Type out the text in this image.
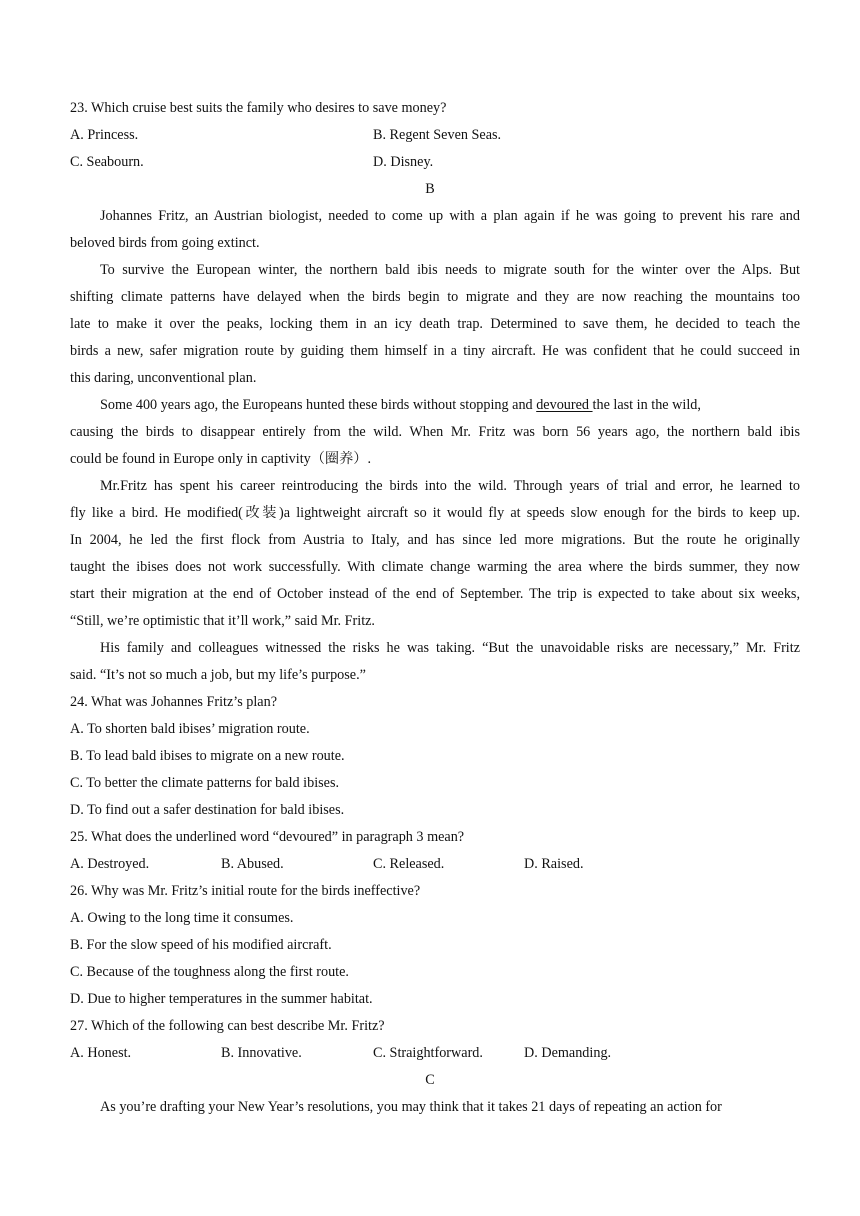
23. Which cruise best suits the family who desires to save money?
A. Princess.	B. Regent Seven Seas.
C. Seabourn.	D. Disney.
B
Johannes Fritz, an Austrian biologist, needed to come up with a plan again if he was going to prevent his rare and
beloved birds from going extinct.
To survive the European winter, the northern bald ibis needs to migrate south for the winter over the Alps. But
shifting climate patterns have delayed when the birds begin to migrate and they are now reaching the mountains too
late to make it over the peaks, locking them in an icy death trap. Determined to save them, he decided to teach the
birds a new, safer migration route by guiding them himself in a tiny aircraft. He was confident that he could succeed in
this daring, unconventional plan.
Some 400 years ago, the Europeans hunted these birds without stopping and devoured the last in the wild,
causing the birds to disappear entirely from the wild. When Mr. Fritz was born 56 years ago, the northern bald ibis
could be found in Europe only in captivity（圈养）.
Mr.Fritz has spent his career reintroducing the birds into the wild. Through years of trial and error, he learned to
fly like a bird. He modified(改装)a lightweight aircraft so it would fly at speeds slow enough for the birds to keep up.
In 2004, he led the first flock from Austria to Italy, and has since led more migrations. But the route he originally
taught the ibises does not work successfully. With climate change warming the area where the birds summer, they now
start their migration at the end of October instead of the end of September. The trip is expected to take about six weeks,
“Still, we’re optimistic that it’ll work,” said Mr. Fritz.
His family and colleagues witnessed the risks he was taking. “But the unavoidable risks are necessary,” Mr. Fritz
said. “It’s not so much a job, but my life’s purpose.”
24. What was Johannes Fritz’s plan?
A. To shorten bald ibises’ migration route.
B. To lead bald ibises to migrate on a new route.
C. To better the climate patterns for bald ibises.
D. To find out a safer destination for bald ibises.
25. What does the underlined word “devoured” in paragraph 3 mean?
A. Destroyed.	B. Abused.	C. Released.	D. Raised.
26. Why was Mr. Fritz’s initial route for the birds ineffective?
A. Owing to the long time it consumes.
B. For the slow speed of his modified aircraft.
C. Because of the toughness along the first route.
D. Due to higher temperatures in the summer habitat.
27. Which of the following can best describe Mr. Fritz?
A. Honest.	B. Innovative.	C. Straightforward.	D. Demanding.
C
As you’re drafting your New Year’s resolutions, you may think that it takes 21 days of repeating an action for
